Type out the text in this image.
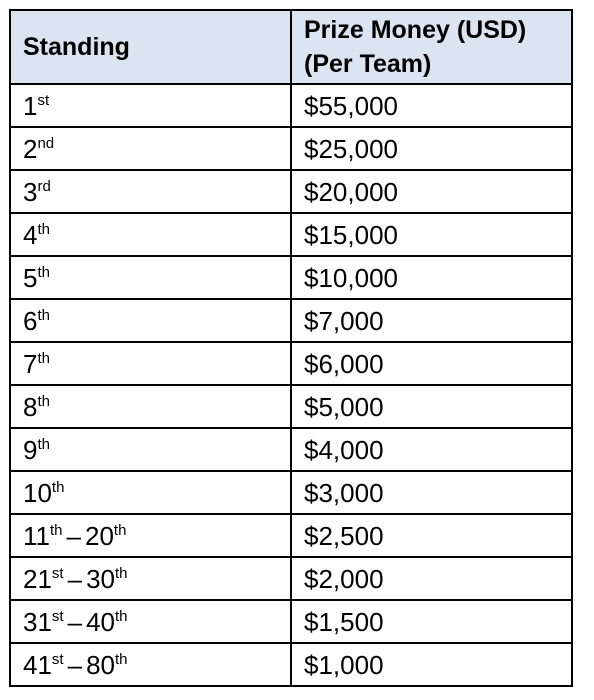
Standing	Prize Money (USD)
(Per Team)
1st	$55,000
2nd	$25,000
3rd	$20,000
4th	$15,000
5th	$10,000
6th	$7,000
7th	$6,000
8th	$5,000
9th	$4,000
10th	$3,000
11th – 20th	$2,500
21st – 30th	$2,000
31st – 40th	$1,500
41st – 80th	$1,000
